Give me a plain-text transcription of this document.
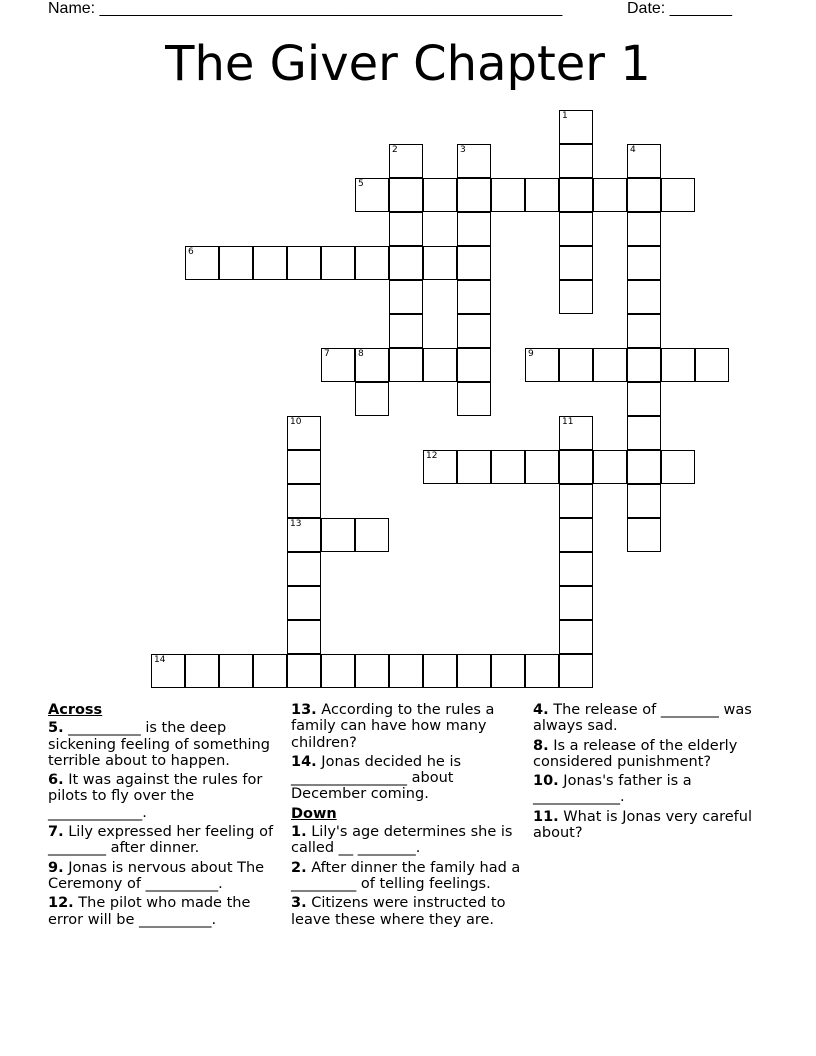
Name: ____________________________________________________	Date: _______
The Giver Chapter 1
1
2	3	4
5
6
7	8	9
10
13
11
12
14
Across
5. __________ is the deep sickening feeling of something terrible about to happen.
6. It was against the rules for pilots to fly over the _____________.
7. Lily expressed her feeling of ________ after dinner.
9. Jonas is nervous about The Ceremony of __________.
12. The pilot who made the error will be __________.
13. According to the rules a family can have how many children?
14. Jonas decided he is ________________ about December coming.
Down
1. Lily's age determines she is called __ ________.
2. After dinner the family had a _________ of telling feelings.
3. Citizens were instructed to leave these where they are.
4. The release of ________ was always sad.
8. Is a release of the elderly considered punishment?
10. Jonas's father is a ____________.
11. What is Jonas very careful about?
